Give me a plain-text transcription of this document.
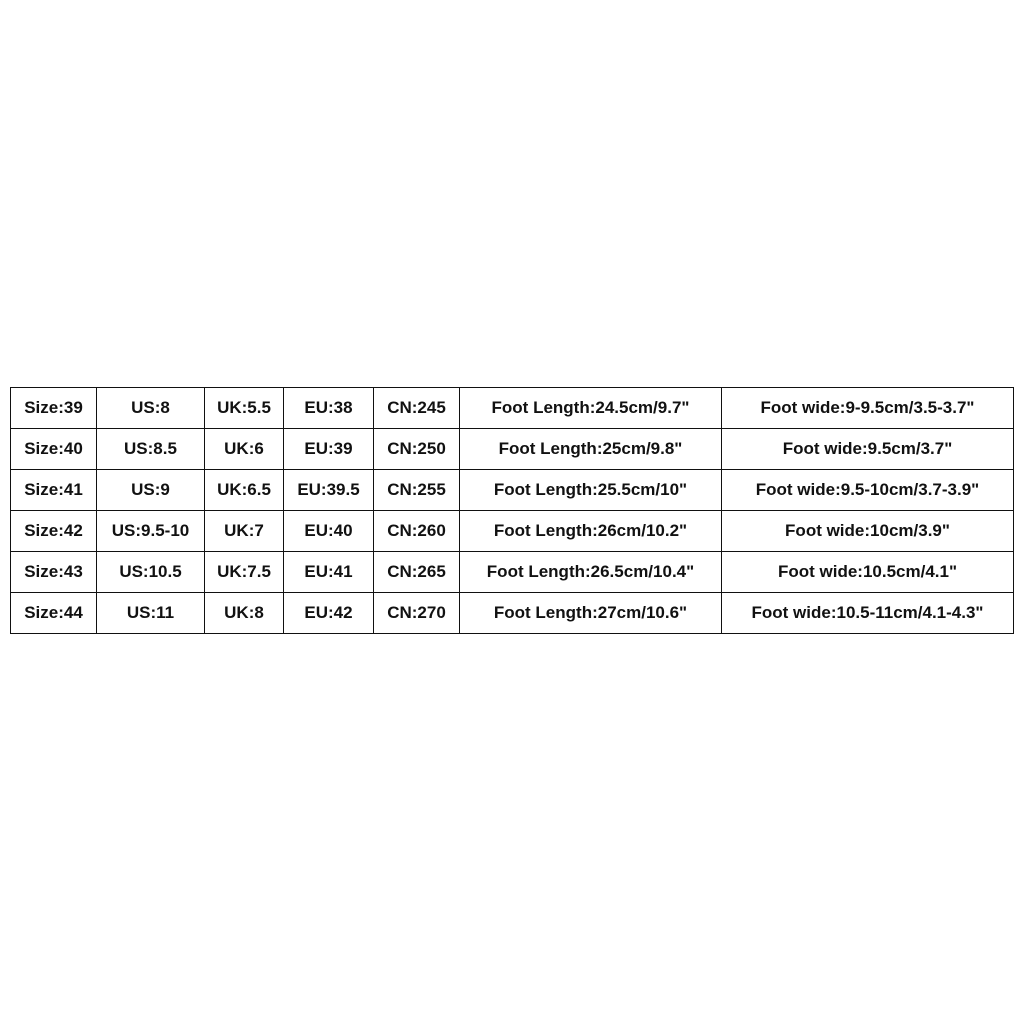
Size:39	US:8	UK:5.5	EU:38	CN:245	Foot Length:24.5cm/9.7"	Foot wide:9-9.5cm/3.5-3.7"
Size:40	US:8.5	UK:6	EU:39	CN:250	Foot Length:25cm/9.8"	Foot wide:9.5cm/3.7"
Size:41	US:9	UK:6.5	EU:39.5	CN:255	Foot Length:25.5cm/10"	Foot wide:9.5-10cm/3.7-3.9"
Size:42	US:9.5-10	UK:7	EU:40	CN:260	Foot Length:26cm/10.2"	Foot wide:10cm/3.9"
Size:43	US:10.5	UK:7.5	EU:41	CN:265	Foot Length:26.5cm/10.4"	Foot wide:10.5cm/4.1"
Size:44	US:11	UK:8	EU:42	CN:270	Foot Length:27cm/10.6"	Foot wide:10.5-11cm/4.1-4.3"
